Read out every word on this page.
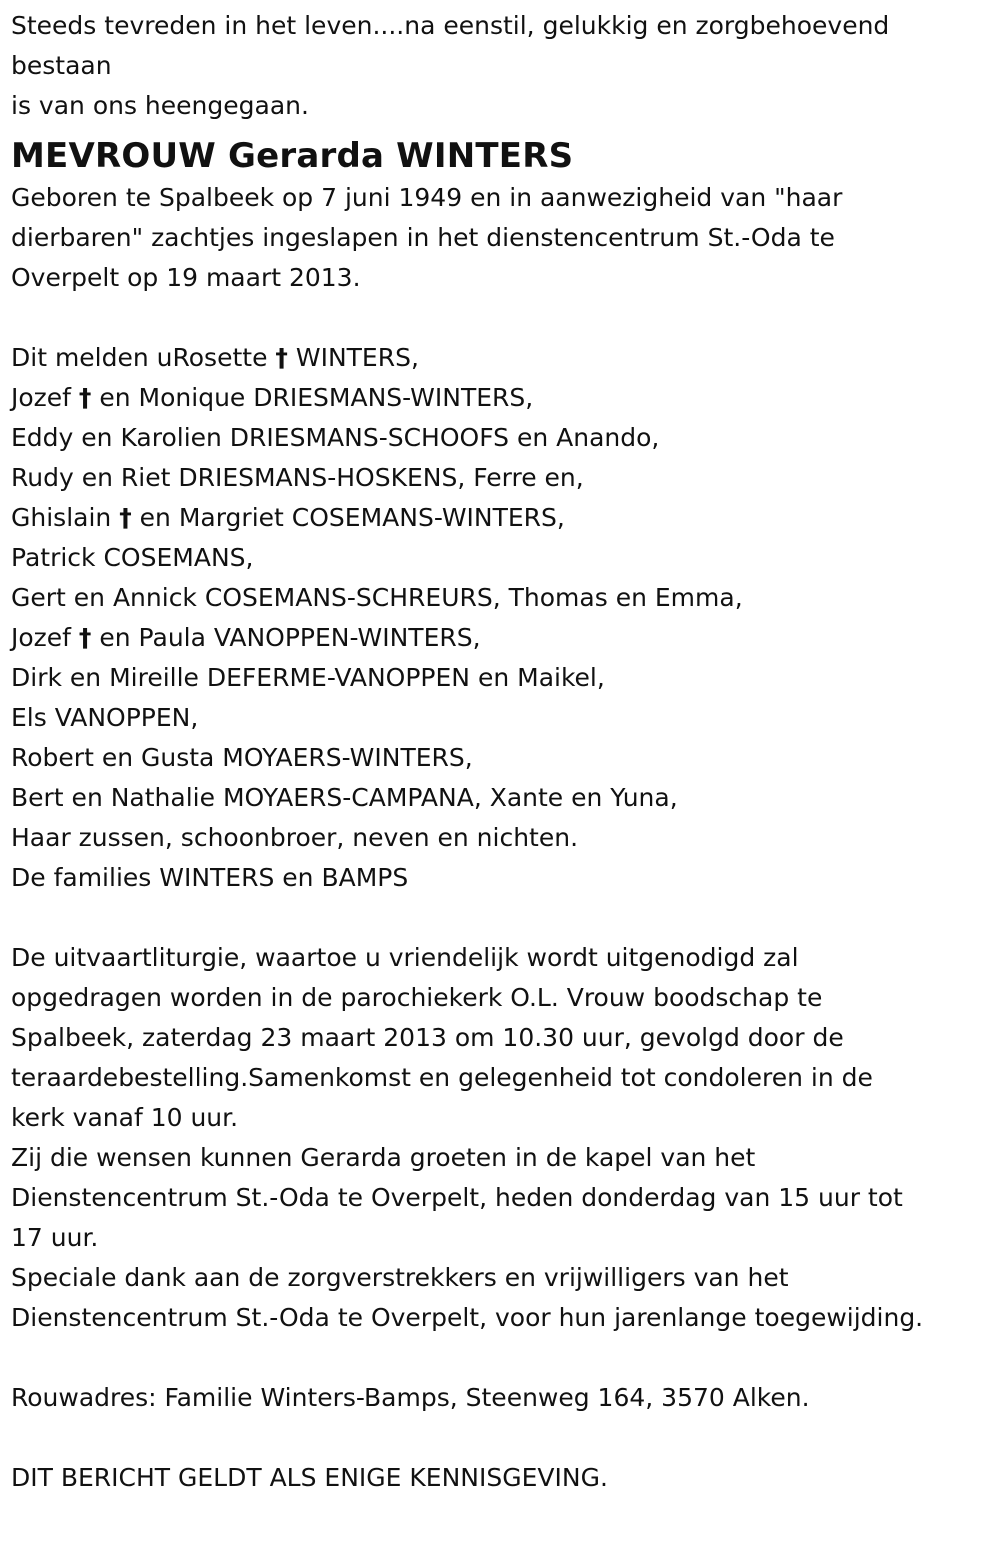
Steeds tevreden in het leven....na eenstil, gelukkig en zorgbehoevend
bestaan
is van ons heengegaan.
MEVROUW Gerarda WINTERS
Geboren te Spalbeek op 7 juni 1949 en in aanwezigheid van "haar
dierbaren" zachtjes ingeslapen in het dienstencentrum St.-Oda te
Overpelt op 19 maart 2013.
Dit melden uRosette † WINTERS,
Jozef † en Monique DRIESMANS-WINTERS,
Eddy en Karolien DRIESMANS-SCHOOFS en Anando,
Rudy en Riet DRIESMANS-HOSKENS, Ferre en,
Ghislain † en Margriet COSEMANS-WINTERS,
Patrick COSEMANS,
Gert en Annick COSEMANS-SCHREURS, Thomas en Emma,
Jozef † en Paula VANOPPEN-WINTERS,
Dirk en Mireille DEFERME-VANOPPEN en Maikel,
Els VANOPPEN,
Robert en Gusta MOYAERS-WINTERS,
Bert en Nathalie MOYAERS-CAMPANA, Xante en Yuna,
Haar zussen, schoonbroer, neven en nichten.
De families WINTERS en BAMPS
De uitvaartliturgie, waartoe u vriendelijk wordt uitgenodigd zal
opgedragen worden in de parochiekerk O.L. Vrouw boodschap te
Spalbeek, zaterdag 23 maart 2013 om 10.30 uur, gevolgd door de
teraardebestelling.Samenkomst en gelegenheid tot condoleren in de
kerk vanaf 10 uur.
Zij die wensen kunnen Gerarda groeten in de kapel van het
Dienstencentrum St.-Oda te Overpelt, heden donderdag van 15 uur tot
17 uur.
Speciale dank aan de zorgverstrekkers en vrijwilligers van het
Dienstencentrum St.-Oda te Overpelt, voor hun jarenlange toegewijding.
Rouwadres: Familie Winters-Bamps, Steenweg 164, 3570 Alken.
DIT BERICHT GELDT ALS ENIGE KENNISGEVING.
